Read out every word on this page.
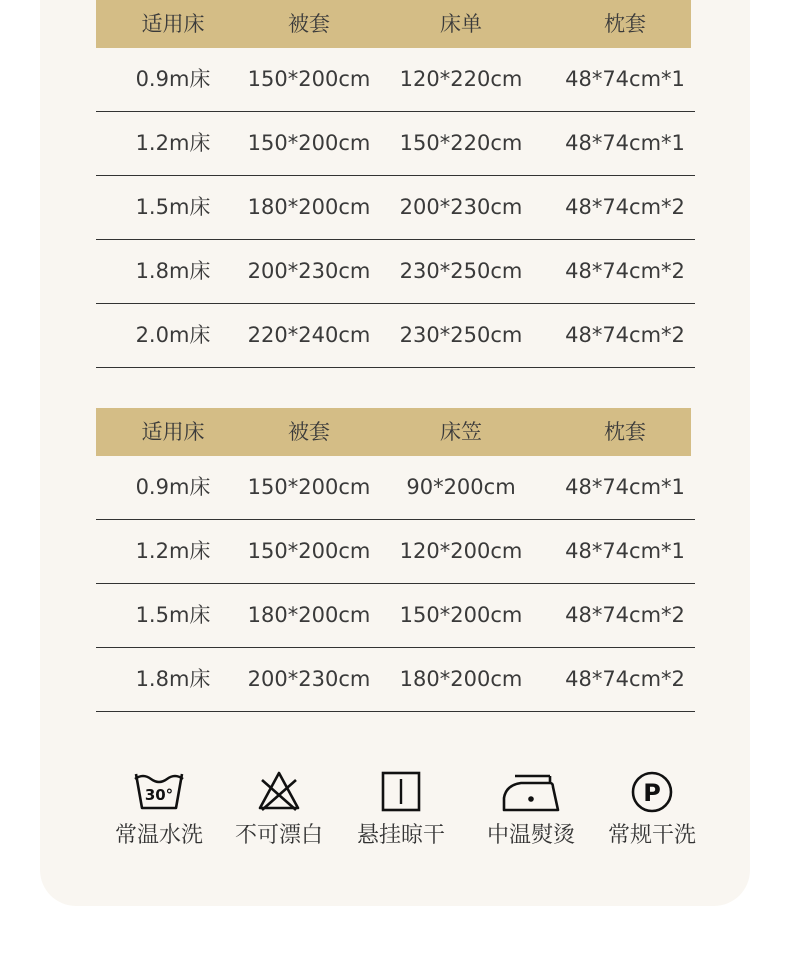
适用床	被套	床单	枕套
0.9m床 150*200cm 120*220cm 48*74cm*1
1.2m床 150*200cm 150*220cm 48*74cm*1
1.5m床 180*200cm 200*230cm 48*74cm*2
1.8m床 200*230cm 230*250cm 48*74cm*2
2.0m床 220*240cm 230*250cm 48*74cm*2
适用床	被套	床笠	枕套
0.9m床 150*200cm 90*200cm 48*74cm*1
1.2m床 150*200cm 120*200cm 48*74cm*1
1.5m床 180*200cm 150*200cm 48*74cm*2
1.8m床 200*230cm 180*200cm 48*74cm*2
30°
常温水洗	不可漂白	悬挂晾干	中温熨烫
P
常规干洗
